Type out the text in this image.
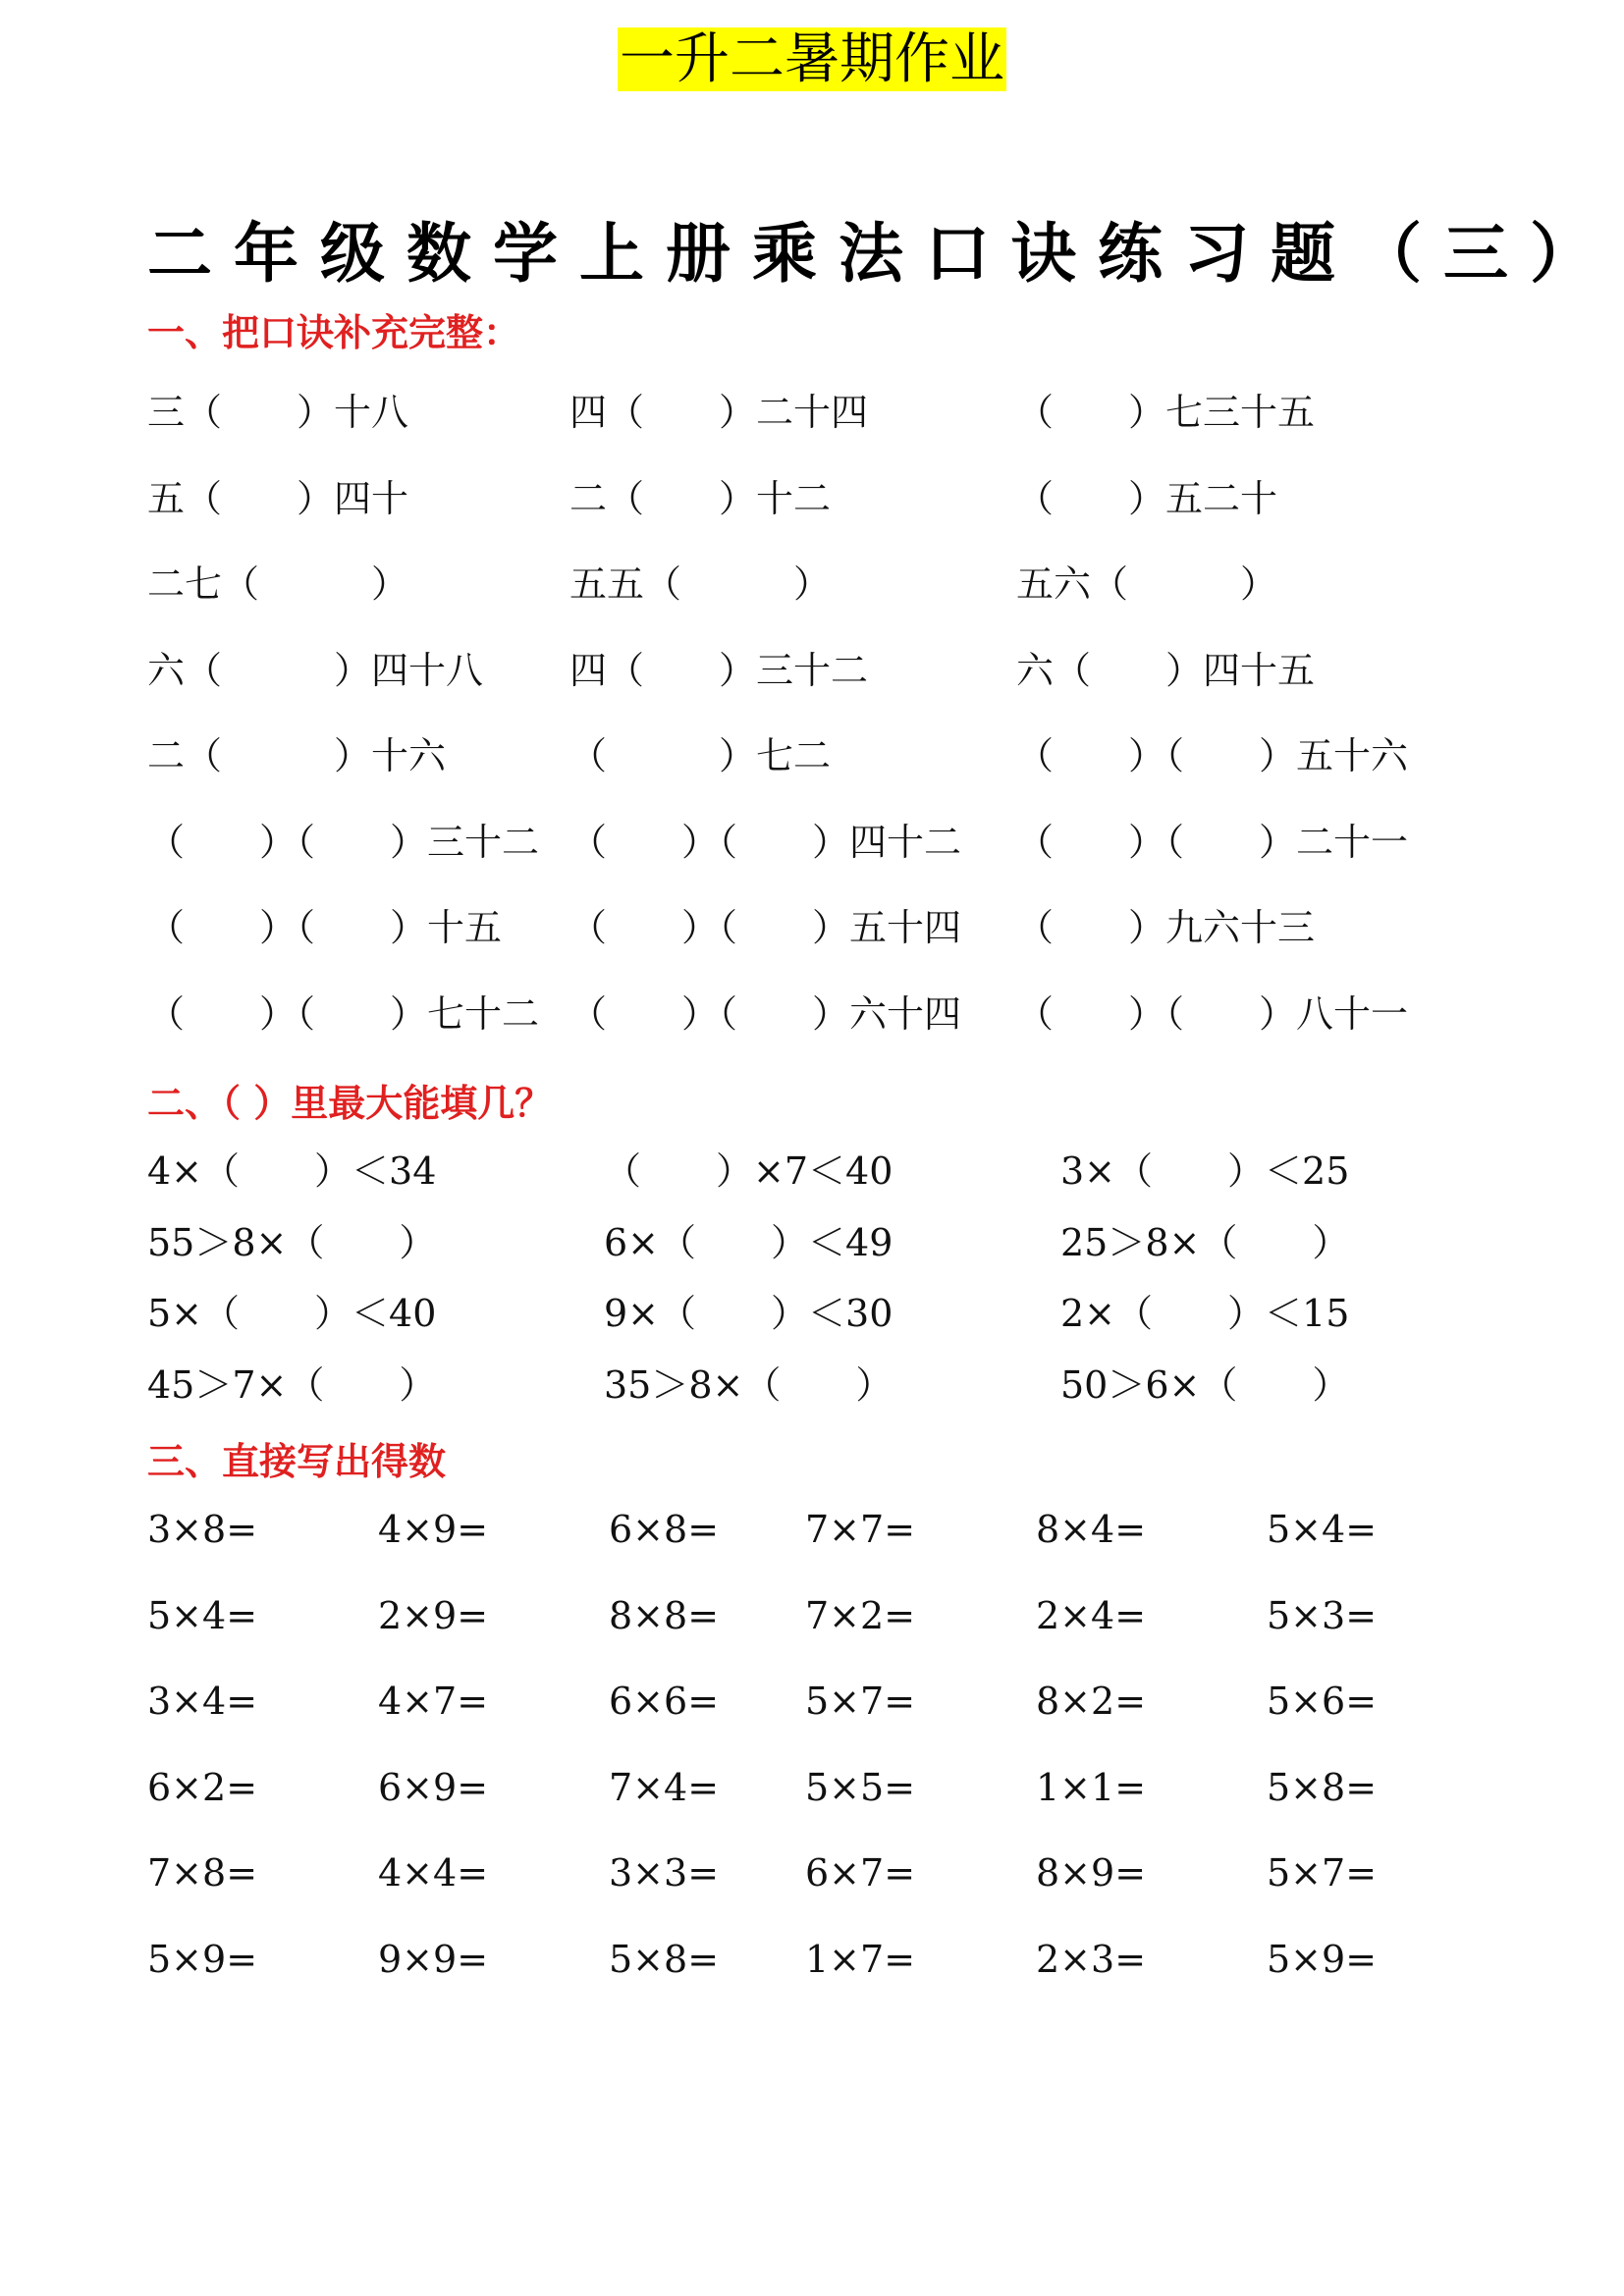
一升二暑期作业
二年级数学上册乘法口诀练习题（三）
一、把口诀补充完整：
三（　　）十八	四（　　）二十四	（　　）七三十五
五（　　）四十	二（　　）十二	（　　）五二十
二七（　　　）	五五（　　　）	五六（　　　）
六（　　　）四十八 四（　　）三十二	六（　　）四十五
二（　　　）十六	（　　　）七二	（　　）（　　）五十六
（　　）（　　）三十二 （　　）（　　）四十二 （　　）（　　）二十一
（　　）（　　）十五 （　　）（　　）五十四 （　　）九六十三
（　　）（　　）七十二 （　　）（　　）六十四 （　　）（　　）八十一
二、（ ）里最大能填几？
4×（　　）＜34	（　　）×7＜40	3×（　　）＜25
55＞8×（　　）	6×（　　）＜49	25＞8×（　　）
5×（　　）＜40	9×（　　）＜30	2×（　　）＜15
45＞7×（　　）	35＞8×（　　）	50＞6×（　　）
三、直接写出得数
3×8=	4×9=	6×8= 7×7=	8×4=	5×4=
5×4=	2×9=	8×8= 7×2=	2×4=	5×3=
3×4=	4×7=	6×6= 5×7=	8×2=	5×6=
6×2=	6×9=	7×4= 5×5=	1×1=	5×8=
7×8=	4×4=	3×3= 6×7=	8×9=	5×7=
5×9=	9×9=	5×8= 1×7=	2×3=	5×9=
